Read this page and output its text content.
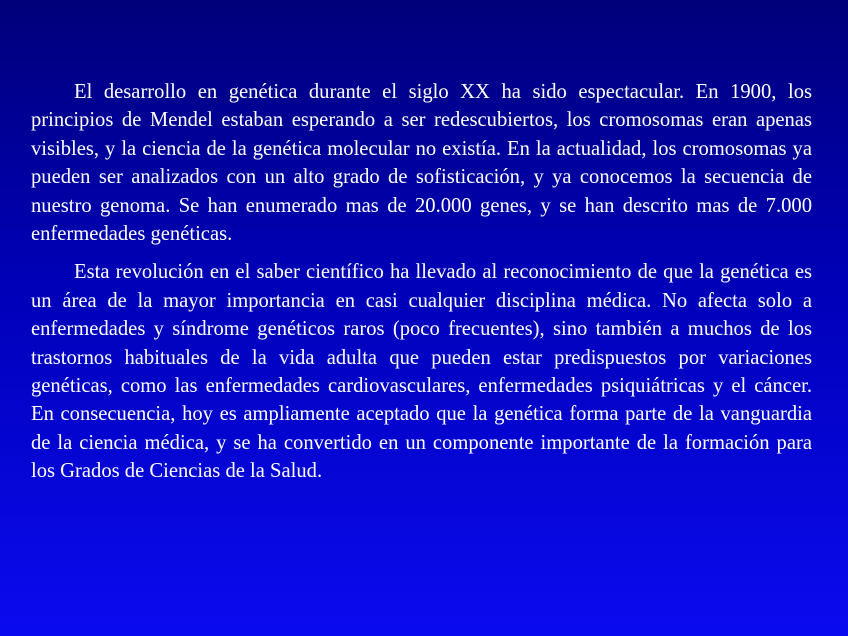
El desarrollo en genética durante el siglo XX ha sido espectacular. En 1900, los principios de Mendel estaban esperando a ser redescubiertos, los cromosomas eran apenas visibles, y la ciencia de la genética molecular no existía. En la actualidad, los cromosomas ya pueden ser analizados con un alto grado de sofisticación, y ya conocemos la secuencia de nuestro genoma. Se han enumerado mas de 20.000 genes, y se han descrito mas de 7.000 enfermedades genéticas.

Esta revolución en el saber científico ha llevado al reconocimiento de que la genética es un área de la mayor importancia en casi cualquier disciplina médica. No afecta solo a enfermedades y síndrome genéticos raros (poco frecuentes), sino también a muchos de los trastornos habituales de la vida adulta que pueden estar predispuestos por variaciones genéticas, como las enfermedades cardiovasculares, enfermedades psiquiátricas y el cáncer. En consecuencia, hoy es ampliamente aceptado que la genética forma parte de la vanguardia de la ciencia médica, y se ha convertido en un componente importante de la formación para los Grados de Ciencias de la Salud.
